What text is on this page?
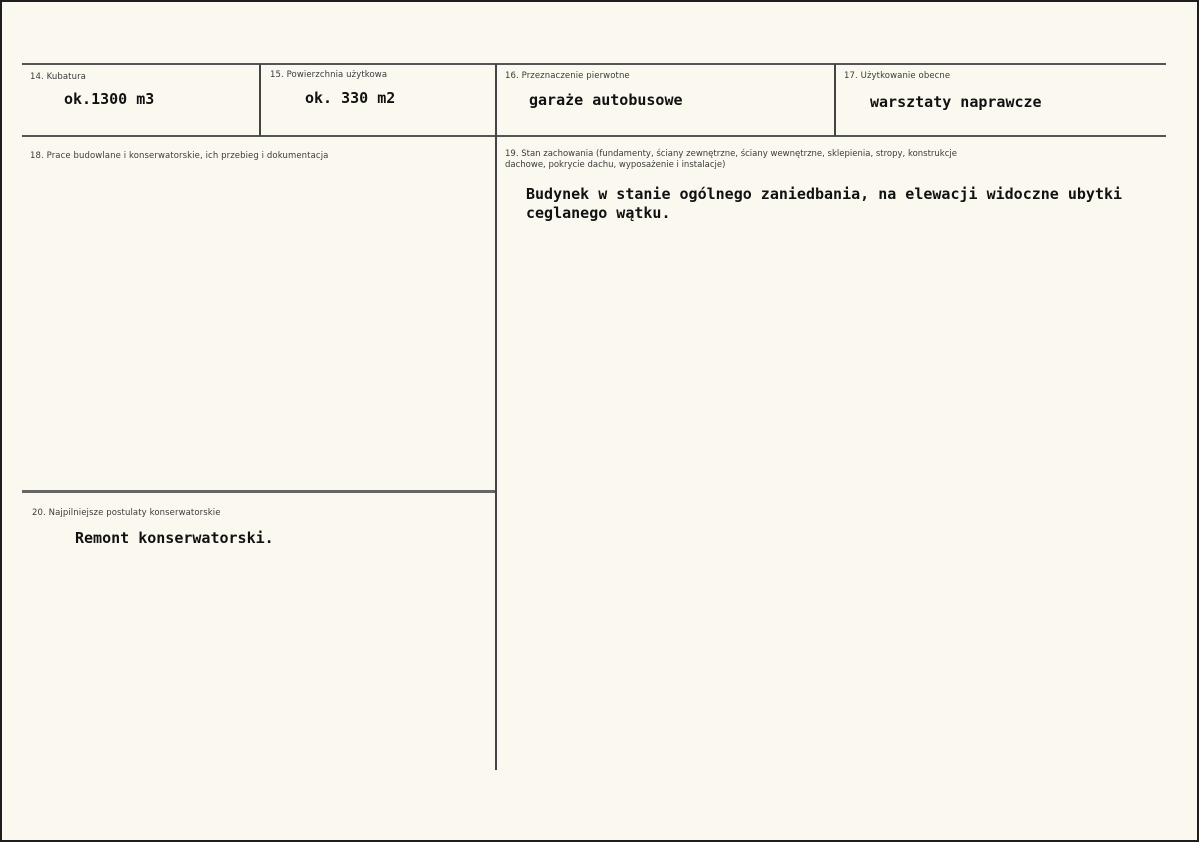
14. Kubatura
ok.1300 m3
15. Powierzchnia użytkowa
ok. 330 m2
16. Przeznaczenie pierwotne
garaże autobusowe
17. Użytkowanie obecne
warsztaty naprawcze
18. Prace budowlane i konserwatorskie, ich przebieg i dokumentacja	19. Stan zachowania (fundamenty, ściany zewnętrzne, ściany wewnętrzne, sklepienia, stropy, konstrukcje dachowe, pokrycie dachu, wyposażenie i instalacje)
Budynek w stanie ogólnego zaniedbania, na elewacji widoczne ubytki ceglanego wątku.
20. Najpilniejsze postulaty konserwatorskie
Remont konserwatorski.
